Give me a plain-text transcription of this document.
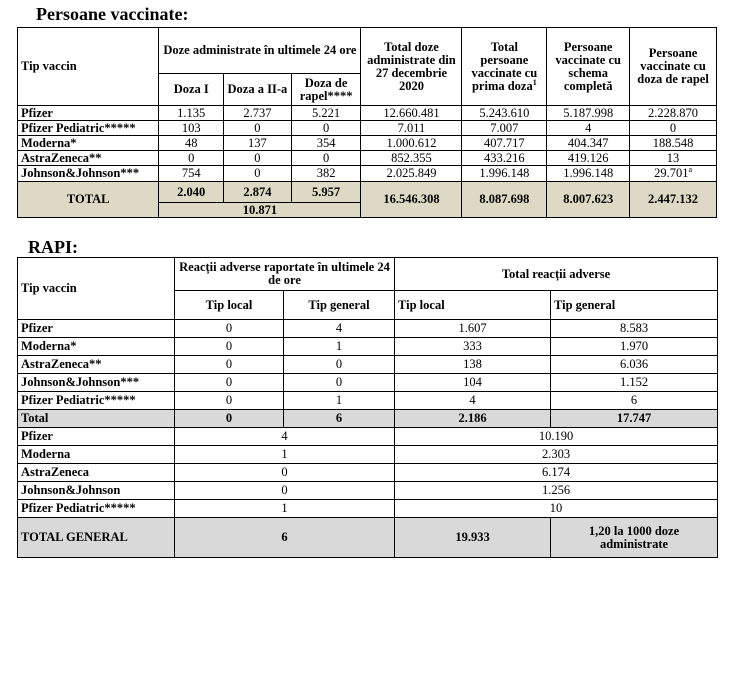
Persoane vaccinate:
Tip vaccin	Doze administrate în ultimele 24 ore			Total doze administrate din 27 decembrie 2020	Total persoane vaccinate cu prima doza$^1$	Persoane vaccinate cu schema completă	Persoane vaccinate cu doza de rapel
	Doza I	Doza a II-a	Doza de rapel****				
Pfizer	1.135	2.737	5.221	12.660.481	5.243.610	5.187.998	2.228.870
Pfizer Pediatric*****	103	0	0	7.011	7.007	4	0
Moderna*	48	137	354	1.000.612	407.717	404.347	188.548
AstraZeneca**	0	0	0	852.355	433.216	419.126	13
Johnson&Johnson***	754	0	382	2.025.849	1.996.148	1.996.148	29.701$^a$
TOTAL	2.040	2.874	5.957	16.546.308	8.087.698	8.007.623	2.447.132
	10.871						
RAPI:
Tip vaccin	Reacții adverse raportate în ultimele 24 de ore		Total reacții adverse	
	Tip local	Tip general	Tip local	Tip general
Pfizer	0	4	1.607	8.583
Moderna*	0	1	333	1.970
AstraZeneca**	0	0	138	6.036
Johnson&Johnson***	0	0	104	1.152
Pfizer Pediatric*****	0	1	4	6
Total	0	6	2.186	17.747
Pfizer	4		10.190	
Moderna	1		2.303	
AstraZeneca	0		6.174	
Johnson&Johnson	0		1.256	
Pfizer Pediatric*****	1		10	
TOTAL GENERAL	6		19.933	1,20 la 1000 doze administrate
